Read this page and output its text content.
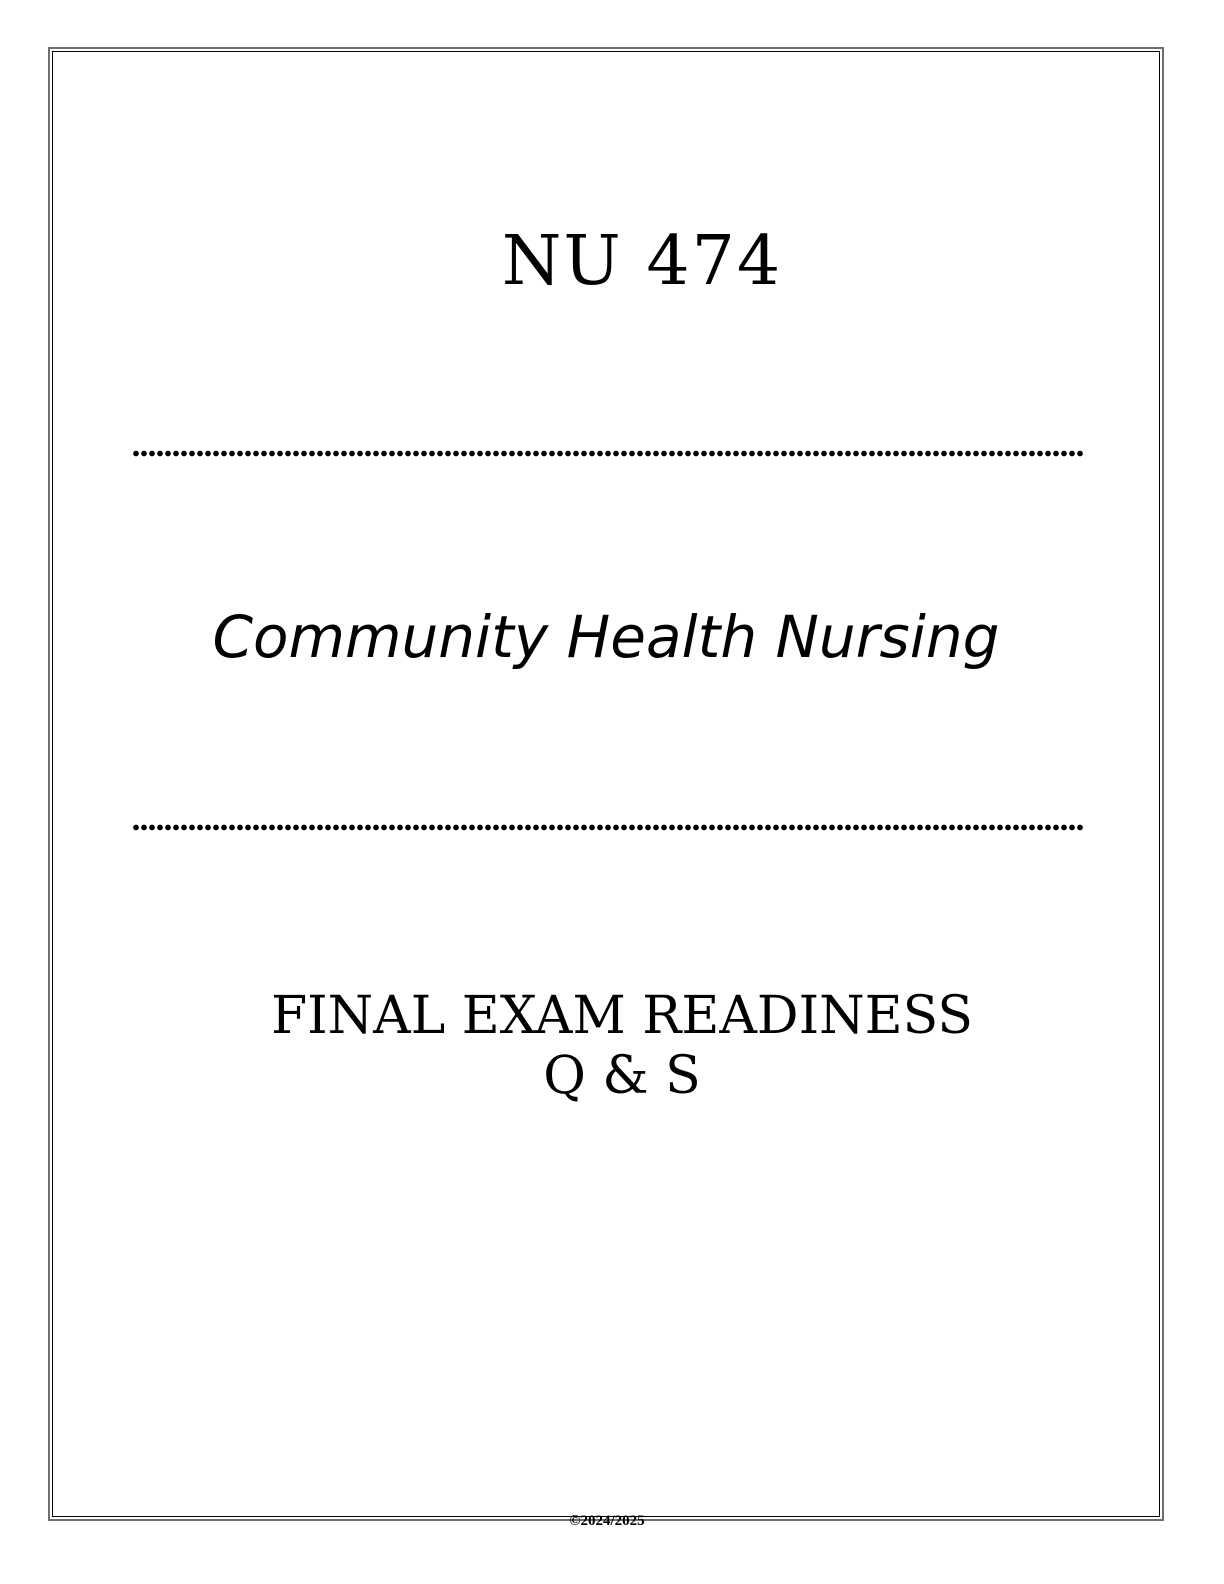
NU 474
Community Health Nursing
FINAL EXAM READINESS
Q & S
©2024/2025
